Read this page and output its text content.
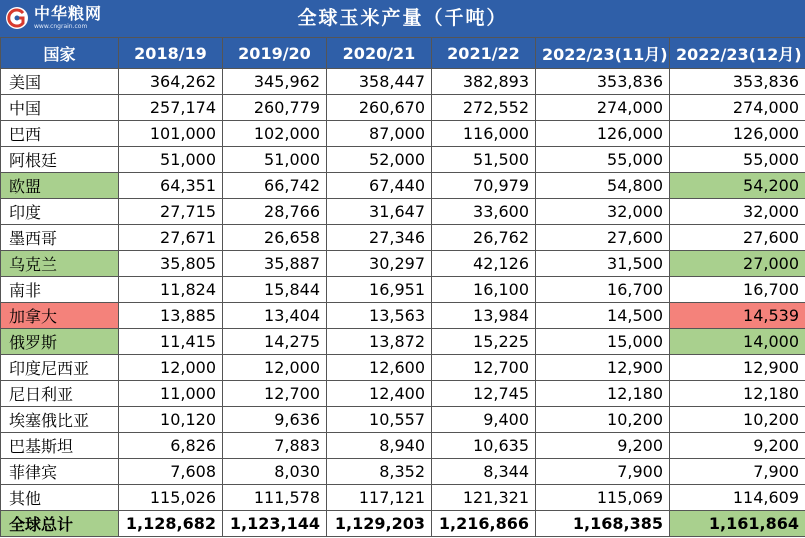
中华粮网
www.cngrain.com	全球玉米产量（千吨）
国家	2018/19	2019/20	2020/21	2021/22	2022/23(11月)	2022/23(12月)
美国	364,262	345,962	358,447	382,893	353,836	353,836
中国	257,174	260,779	260,670	272,552	274,000	274,000
巴西	101,000	102,000	87,000	116,000	126,000	126,000
阿根廷	51,000	51,000	52,000	51,500	55,000	55,000
欧盟	64,351	66,742	67,440	70,979	54,800	54,200
印度	27,715	28,766	31,647	33,600	32,000	32,000
墨西哥	27,671	26,658	27,346	26,762	27,600	27,600
乌克兰	35,805	35,887	30,297	42,126	31,500	27,000
南非	11,824	15,844	16,951	16,100	16,700	16,700
加拿大	13,885	13,404	13,563	13,984	14,500	14,539
俄罗斯	11,415	14,275	13,872	15,225	15,000	14,000
印度尼西亚	12,000	12,000	12,600	12,700	12,900	12,900
尼日利亚	11,000	12,700	12,400	12,745	12,180	12,180
埃塞俄比亚	10,120	9,636	10,557	9,400	10,200	10,200
巴基斯坦	6,826	7,883	8,940	10,635	9,200	9,200
菲律宾	7,608	8,030	8,352	8,344	7,900	7,900
其他	115,026	111,578	117,121	121,321	115,069	114,609
全球总计	1,128,682	1,123,144	1,129,203	1,216,866	1,168,385	1,161,864
